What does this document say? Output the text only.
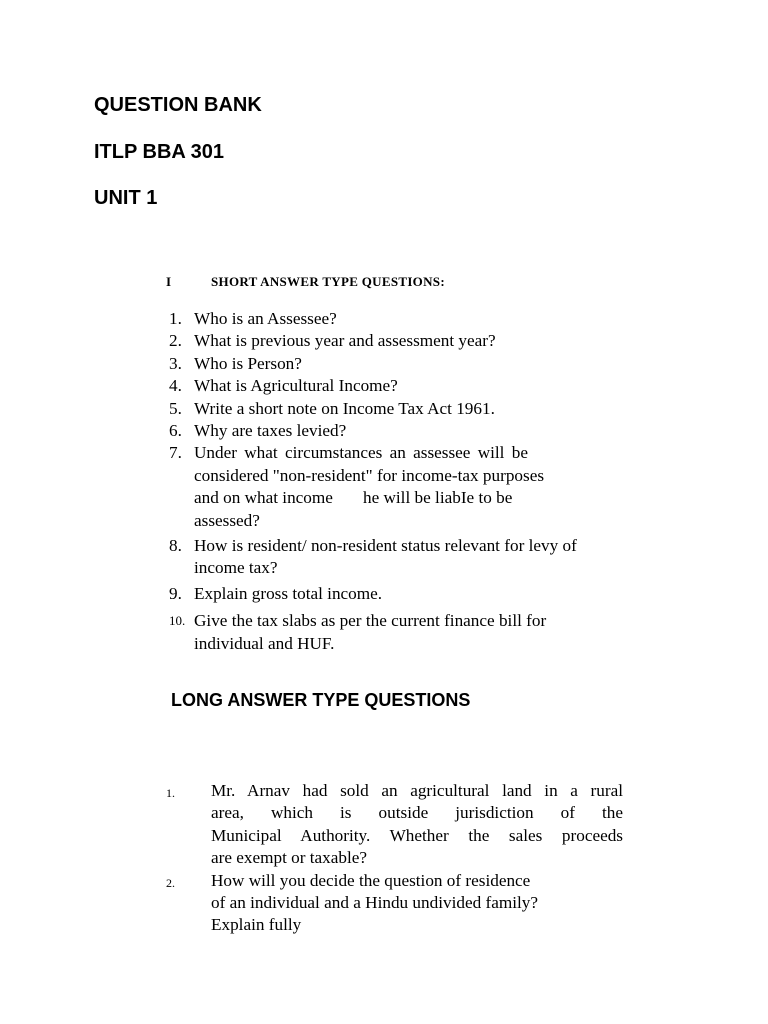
QUESTION BANK
ITLP BBA 301
UNIT 1
I	SHORT ANSWER TYPE QUESTIONS:
1. Who is an Assessee?
2. What is previous year and assessment year?
3. Who is Person?
4. What is Agricultural Income?
5. Write a short note on Income Tax Act 1961.
6. Why are taxes levied?
7. Under what circumstances an assessee will be
considered "non-resident" for income-tax purposes
and on what income       he will be liabIe to be
assessed?
8. How is resident/ non-resident status relevant for levy of
income tax?
9. Explain gross total income.
10. Give the tax slabs as per the current finance bill for
individual and HUF.
LONG ANSWER TYPE QUESTIONS
1. Mr. Arnav had sold an agricultural land in a rural
area, which is outside jurisdiction of the
Municipal Authority. Whether the sales proceeds
are exempt or taxable?
2. How will you decide the question of residence
of an individual and a Hindu undivided family?
Explain fully
